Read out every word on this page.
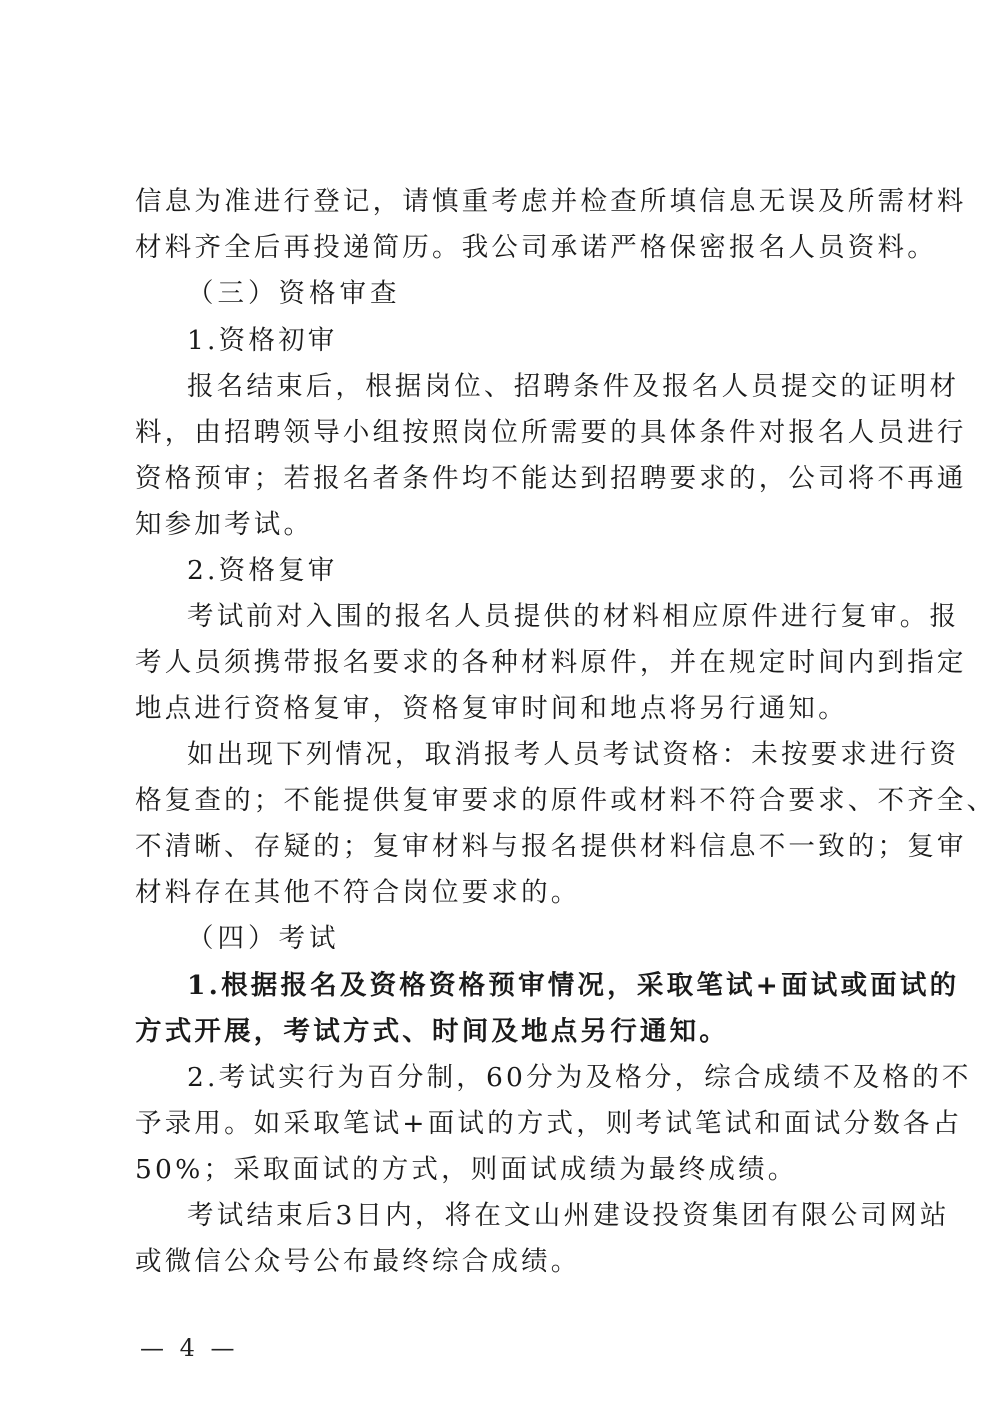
信息为准进行登记，请慎重考虑并检查所填信息无误及所需材料
材料齐全后再投递简历。我公司承诺严格保密报名人员资料。
（三）资格审查
1.资格初审
报名结束后，根据岗位、招聘条件及报名人员提交的证明材
料，由招聘领导小组按照岗位所需要的具体条件对报名人员进行
资格预审；若报名者条件均不能达到招聘要求的，公司将不再通
知参加考试。
2.资格复审
考试前对入围的报名人员提供的材料相应原件进行复审。报
考人员须携带报名要求的各种材料原件，并在规定时间内到指定
地点进行资格复审，资格复审时间和地点将另行通知。
如出现下列情况，取消报考人员考试资格：未按要求进行资
格复查的；不能提供复审要求的原件或材料不符合要求、不齐全、
不清晰、存疑的；复审材料与报名提供材料信息不一致的；复审
材料存在其他不符合岗位要求的。
（四）考试
1.根据报名及资格资格预审情况，采取笔试+面试或面试的
方式开展，考试方式、时间及地点另行通知。
2.考试实行为百分制，60分为及格分，综合成绩不及格的不
予录用。如采取笔试+面试的方式，则考试笔试和面试分数各占
50%；采取面试的方式，则面试成绩为最终成绩。
考试结束后3日内，将在文山州建设投资集团有限公司网站
或微信公众号公布最终综合成绩。
— 4 —
